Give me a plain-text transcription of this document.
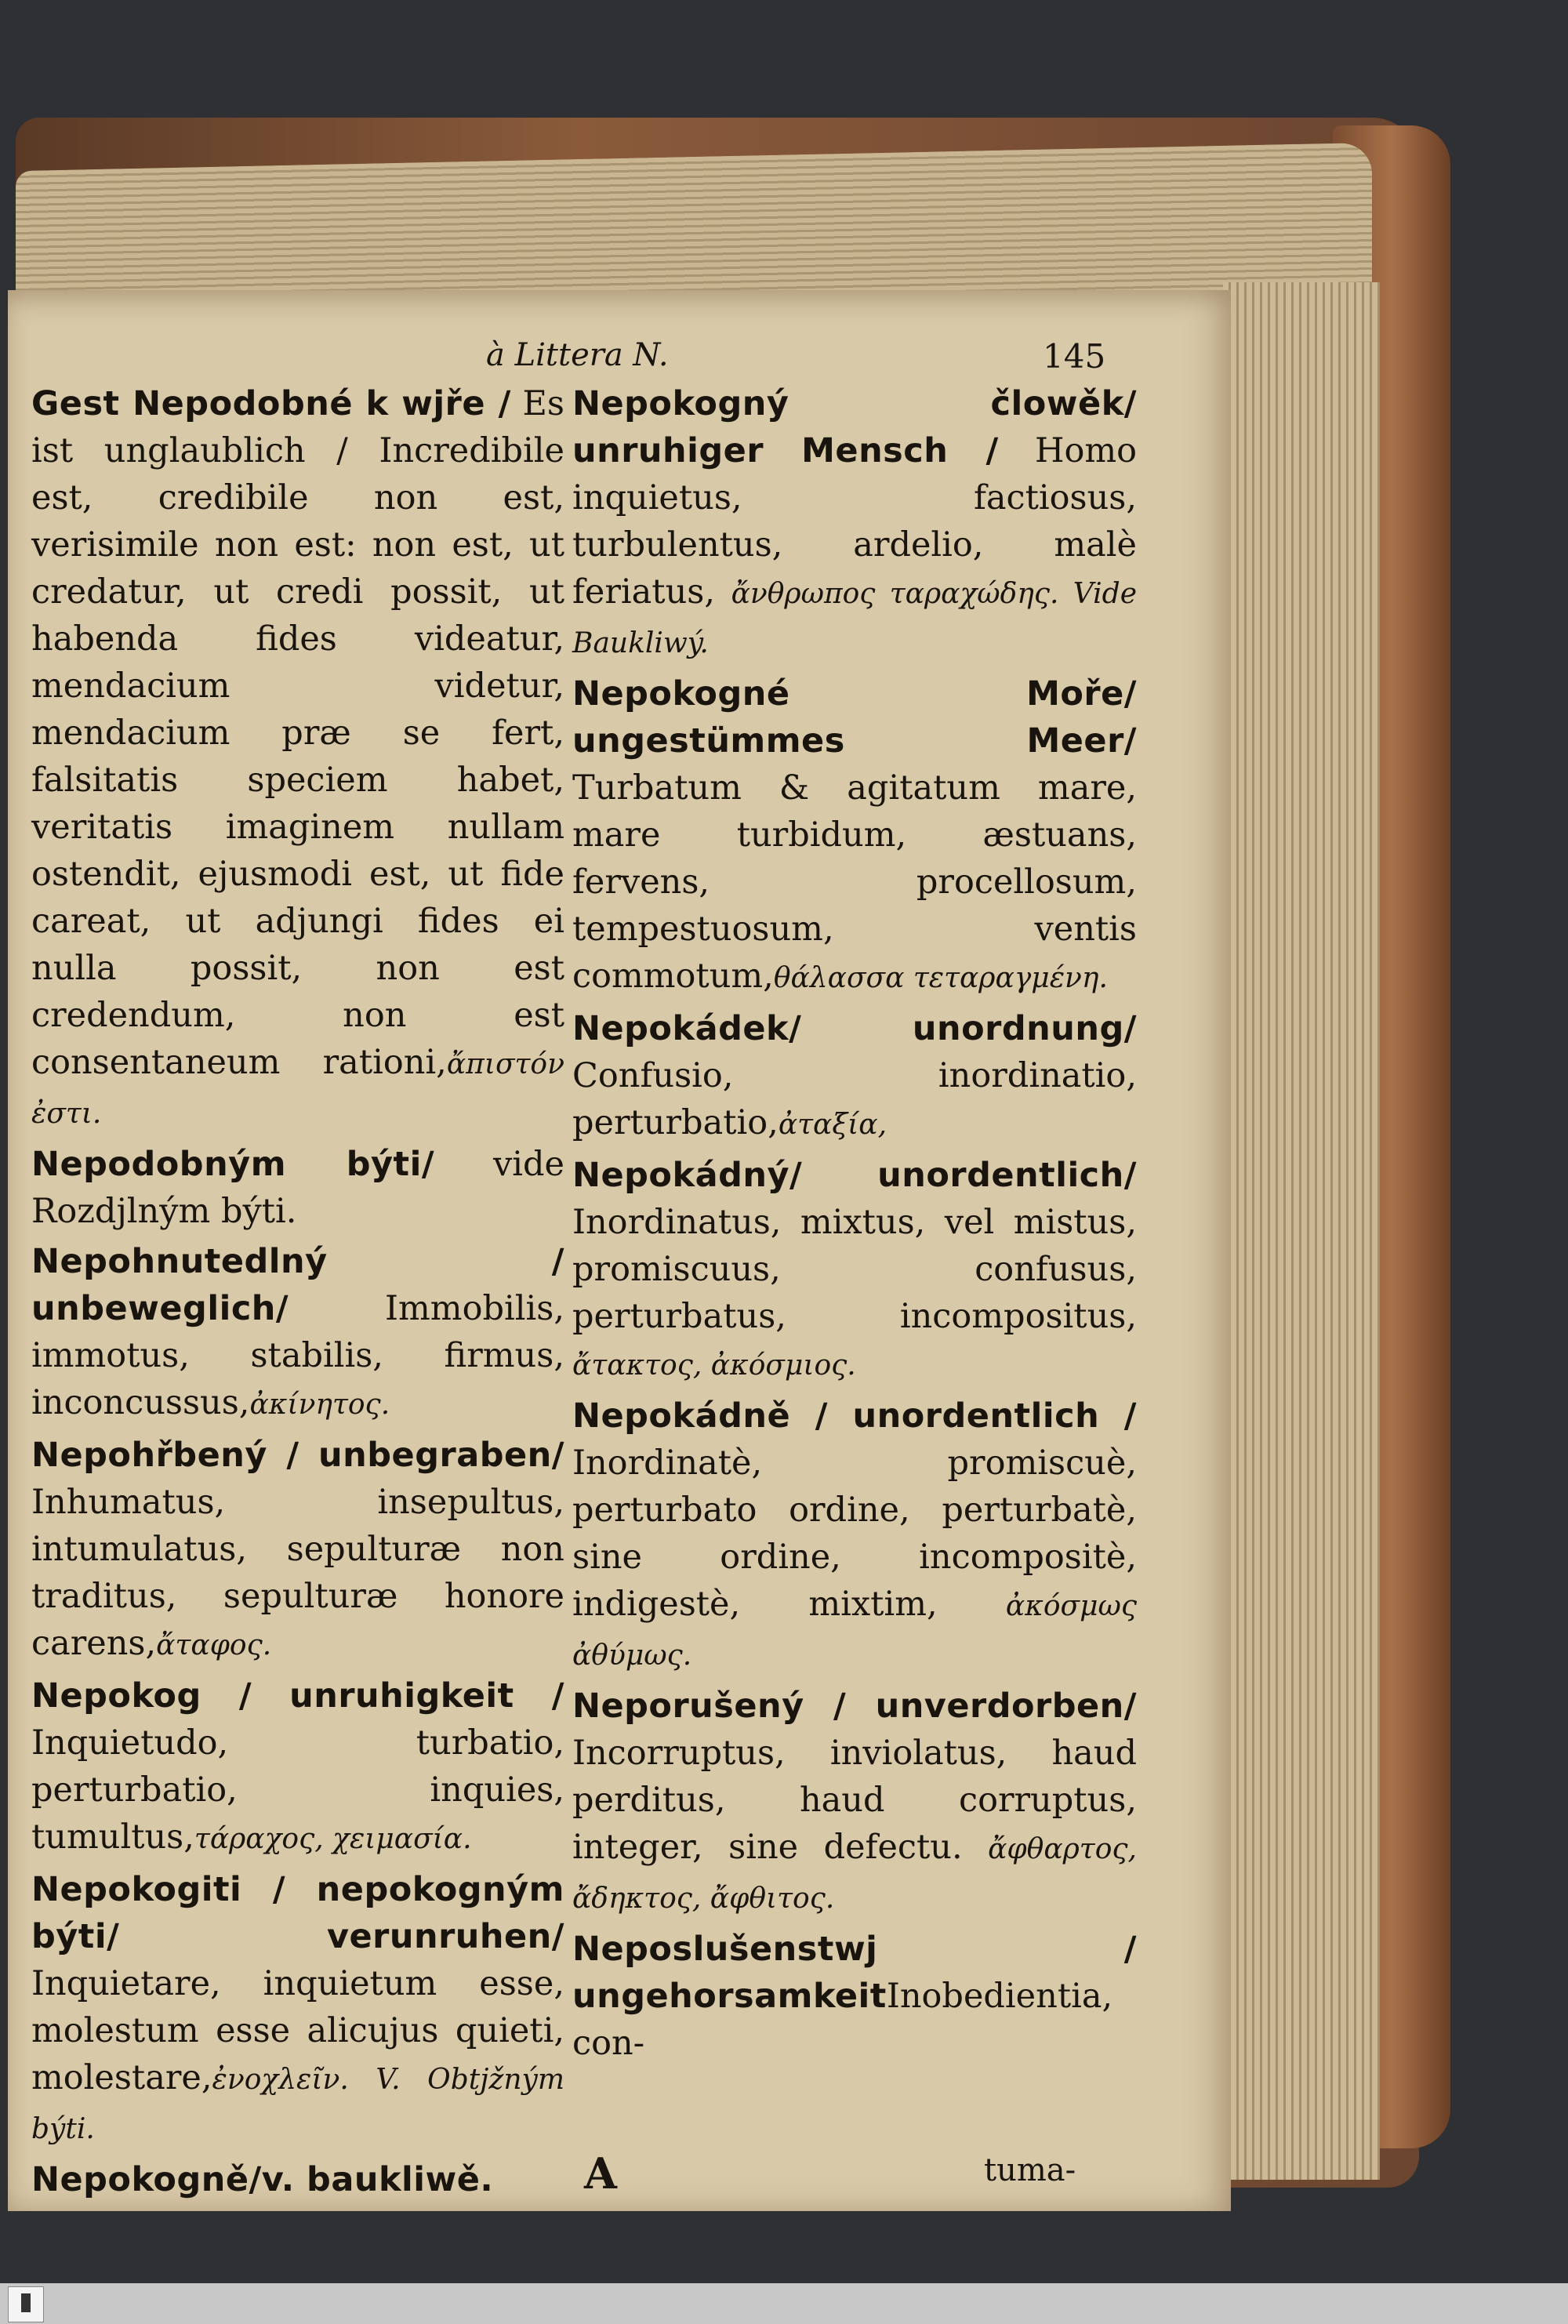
à Littera N.	145

Gest Nepodobné k wjře / Es ist unglaublich / Incredibile est, credibile non est, verisimile non est: non est, ut credatur, ut credi possit, ut habenda fides videatur, mendacium videtur, mendacium præ se fert, falsitatis speciem habet, veritatis imaginem nullam ostendit, ejusmodi est, ut fide careat, ut adjungi fides ei nulla possit, non est credendum, non est consentaneum rationi,ἄπιστόν ἐστι.

Nepodobným býti/ vide Rozdjlným býti.

Nepohnutedlný / unbeweglich/	Immobilis, immotus, stabilis, firmus, inconcussus,ἀκίνητος.

Nepohřbený / unbegraben/ Inhumatus, insepultus, intumulatus, sepulturæ non traditus, sepulturæ honore carens,ἄταφος.

Nepokog / unruhigkeit / Inquietudo, turbatio, perturbatio, inquies, tumultus,τάραχος, χειμασία.

Nepokogiti / nepokogným býti/ verunruhen/ Inquietare, inquietum esse, molestum esse alicujus quieti, molestare,ἐνοχλεῖν. V. Obtjžným býti.

Nepokogně/v. baukliwě.

Nepokogný člowěk/ unruhiger Mensch / Homo inquietus, factiosus, turbulentus, ardelio, malè feriatus, ἄνθρωπος ταραχώδης. Vide Baukliwý.

Nepokogné Moře/ ungestümmes Meer/ Turbatum & agitatum mare, mare turbidum, æstuans, fervens, procellosum, tempestuosum, ventis commotum,θάλασσα τεταραγμένη.

Nepokádek/ unordnung/ Confusio, inordinatio, perturbatio,ἀταξία,

Nepokádný/ unordentlich/ Inordinatus, mixtus, vel mistus, promiscuus, confusus, perturbatus, incompositus, ἄτακτος, ἀκόσμιος.

Nepokádně / unordentlich / Inordinatè, promiscuè, perturbato ordine, perturbatè, sine ordine, incompositè, indigestè, mixtim, ἀκόσμως ἀθύμως.

Neporušený / unverdorben/ Incorruptus, inviolatus, haud perditus, haud corruptus, integer, sine defectu. ἄφθαρτος, ἄδηκτος, ἄφθιτος.

Neposlušenstwj / ungehorsamkeitInobedientia, con-

A	tuma-
